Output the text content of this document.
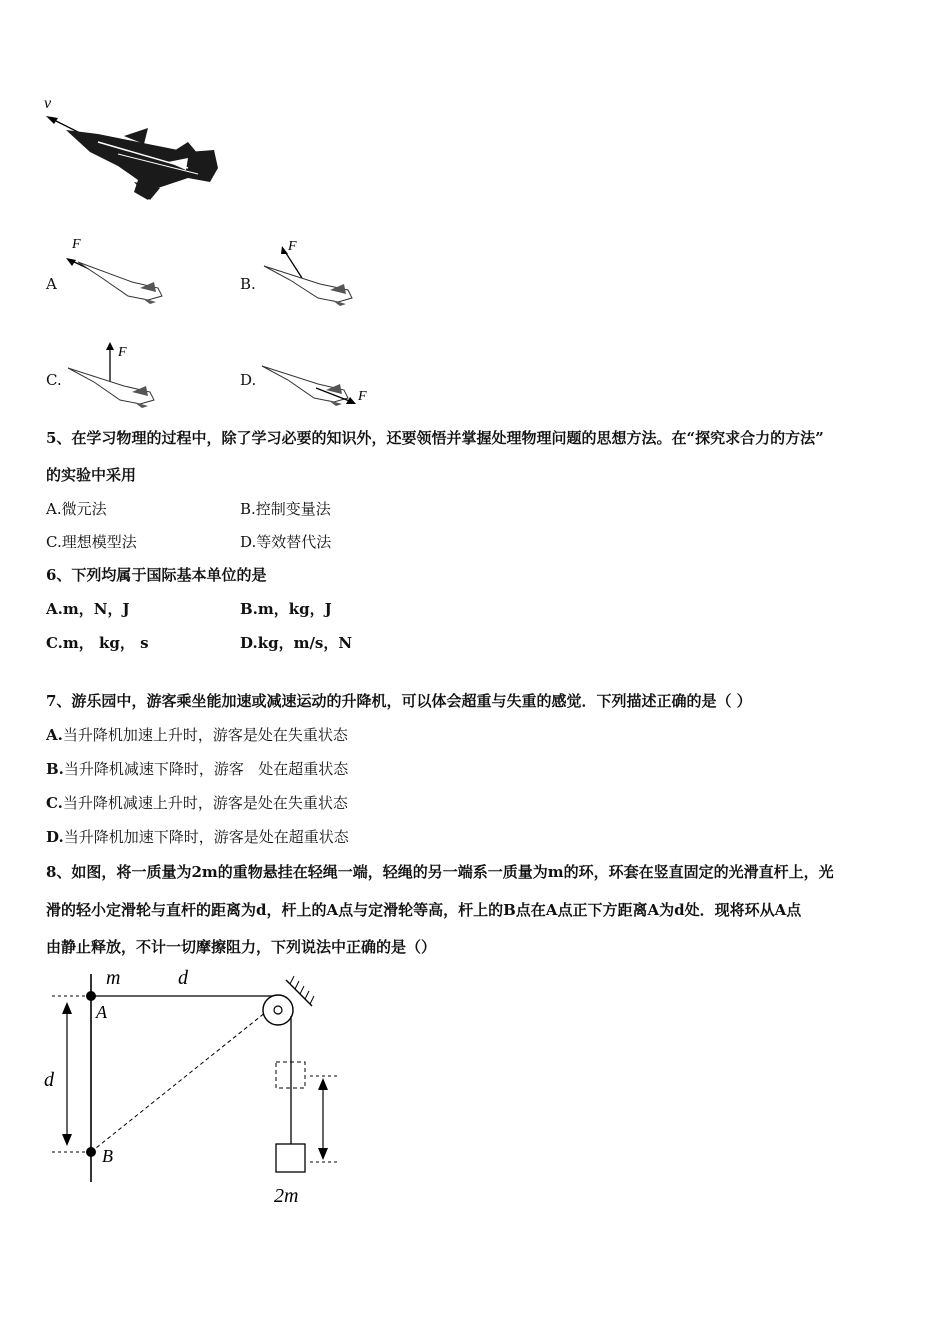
v
A
F
B.
F
C.
F
D.
F
5、在学习物理的过程中，除了学习必要的知识外，还要领悟并掌握处理物理问题的思想方法。在“探究求合力的方法”
的实验中采用
A.微元法	B.控制变量法
C.理想模型法	D.等效替代法
6、下列均属于国际基本单位的是
A.m，N，J	B.m，kg，J
C.m， kg， s	D.kg，m/s，N
7、游乐园中，游客乘坐能加速或减速运动的升降机，可以体会超重与失重的感觉．下列描述正确的是（ ）
A.当升降机加速上升时，游客是处在失重状态
B.当升降机减速下降时，游客   处在超重状态
C.当升降机减速上升时，游客是处在失重状态
D.当升降机加速下降时，游客是处在超重状态
8、如图，将一质量为2m的重物悬挂在轻绳一端，轻绳的另一端系一质量为m的环，环套在竖直固定的光滑直杆上，光
滑的轻小定滑轮与直杆的距离为d，杆上的A点与定滑轮等高，杆上的B点在A点正下方距离A为d处．现将环从A点
由静止释放，不计一切摩擦阻力，下列说法中正确的是（）
m	d
A
d
B
2m
